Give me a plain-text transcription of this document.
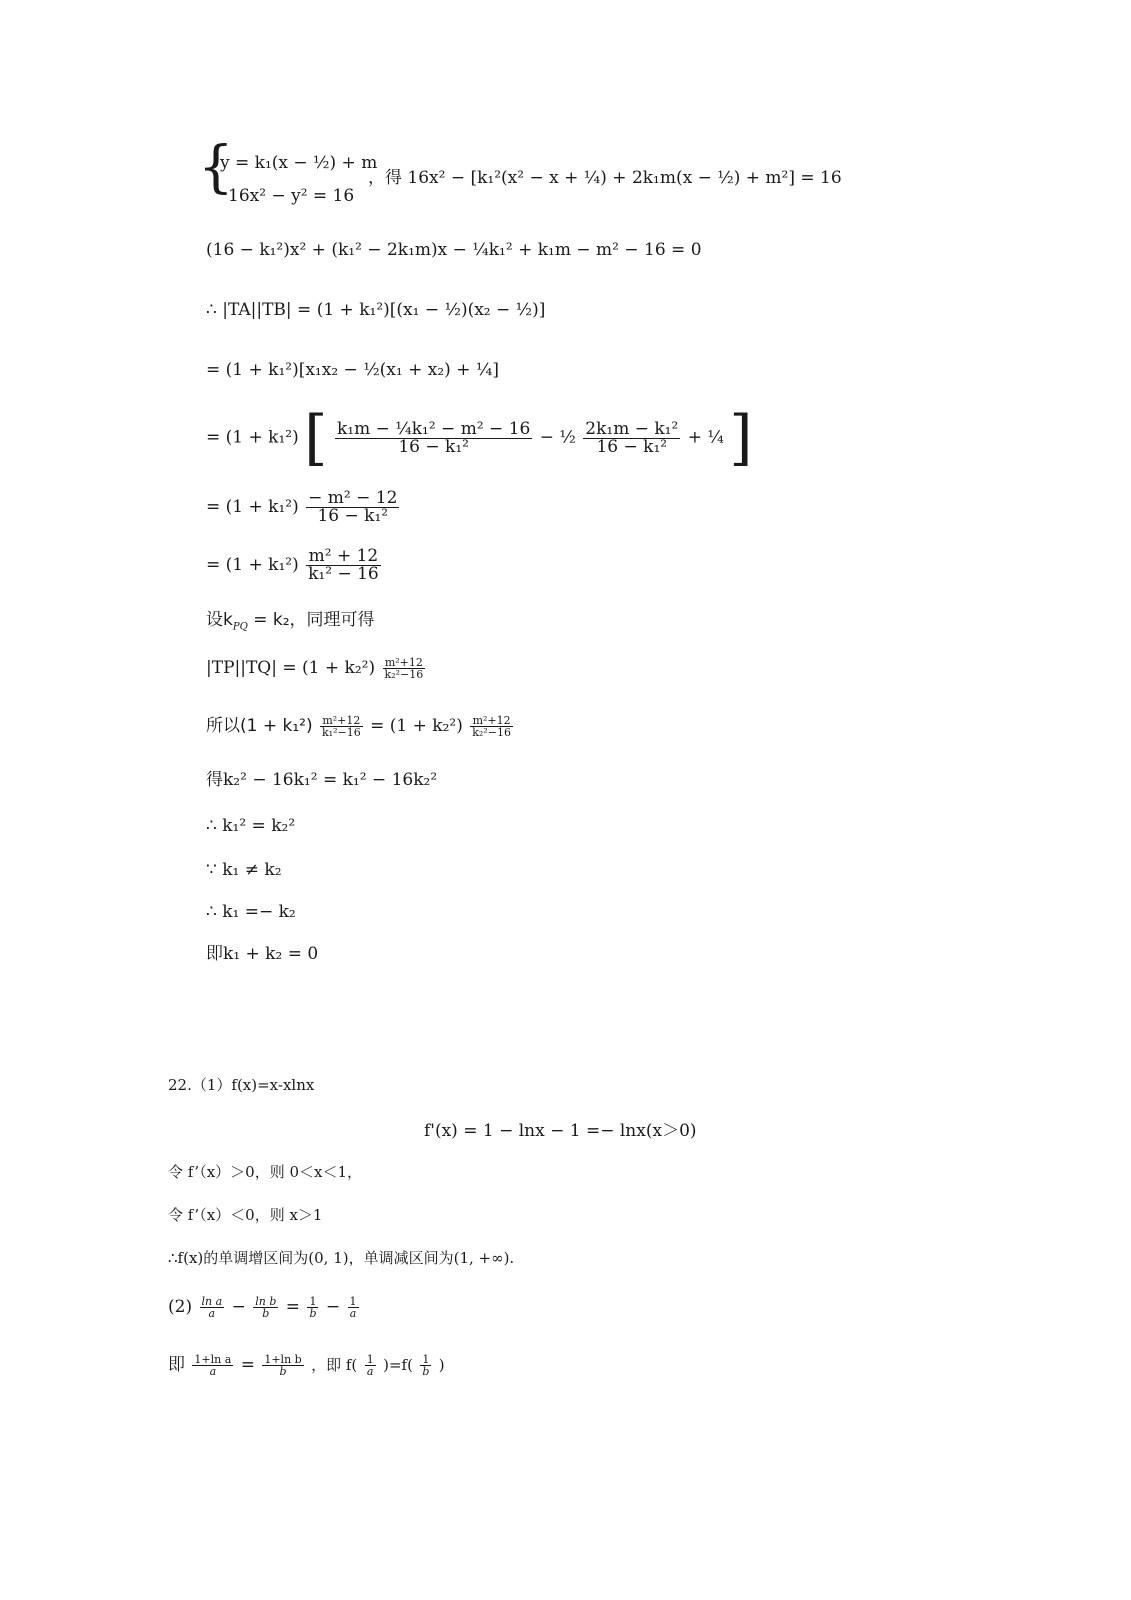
{
y = k₁(x − ½) + m
16x² − y² = 16
，得 16x² − [k₁²(x² − x + ¼) + 2k₁m(x − ½) + m²] = 16
(16 − k₁²)x² + (k₁² − 2k₁m)x − ¼k₁² + k₁m − m² − 16 = 0
∴ |TA||TB| = (1 + k₁²)[(x₁ − ½)(x₂ − ½)]
= (1 + k₁²)[x₁x₂ − ½(x₁ + x₂) + ¼]
= (1 + k₁²) [ $\frac{\text{k₁m − ¼k₁² − m² − 16}}{\text{16 − k₁²}}$ − ½ $\frac{\text{2k₁m − k₁²}}{\text{16 − k₁²}}$ + ¼ ]
= $(1 + k_1^2) \frac{\text{− m² − 12}}{\text{16 − k₁²}}$
= $(1 + k_1^2) \frac{\text{m² + 12}}{\text{k₁² − 16}}$
设$k_{PQ} = k_2$，同理可得
$|TP||TQ| = (1 + k_2^2) \frac{\text{m²+12}}{\text{k₂²−16}}$
所以$(1 + k_1^2) \frac{\text{m²+12}}{\text{k₁²−16}} = (1 + k_2^2) \frac{\text{m²+12}}{\text{k₂²−16}}$
得k₂² − 16k₁² = k₁² − 16k₂²
∴ k₁² = k₂²
∵ k₁ ≠ k₂
∴ k₁ =− k₂
即k₁ + k₂ = 0
22.（1）f(x)=x-xlnx
f'(x) = 1 − lnx − 1 =− lnx(x＞0)
令 f’（x）＞0，则 0＜x＜1，
令 f’（x）＜0，则 x＞1
∴f(x)的单调增区间为(0, 1)，单调减区间为(1, +∞).
$(2) \frac{\text{ln a}}{a} - \frac{\text{ln b}}{b} = \frac{1}{b} - \frac{1}{a}$
即 $\frac{\text{1+ln a}}{a} = \frac{\text{1+ln b}}{b}$ ，即 $f( \frac{1}{a} )=f( \frac{1}{b}$ )
